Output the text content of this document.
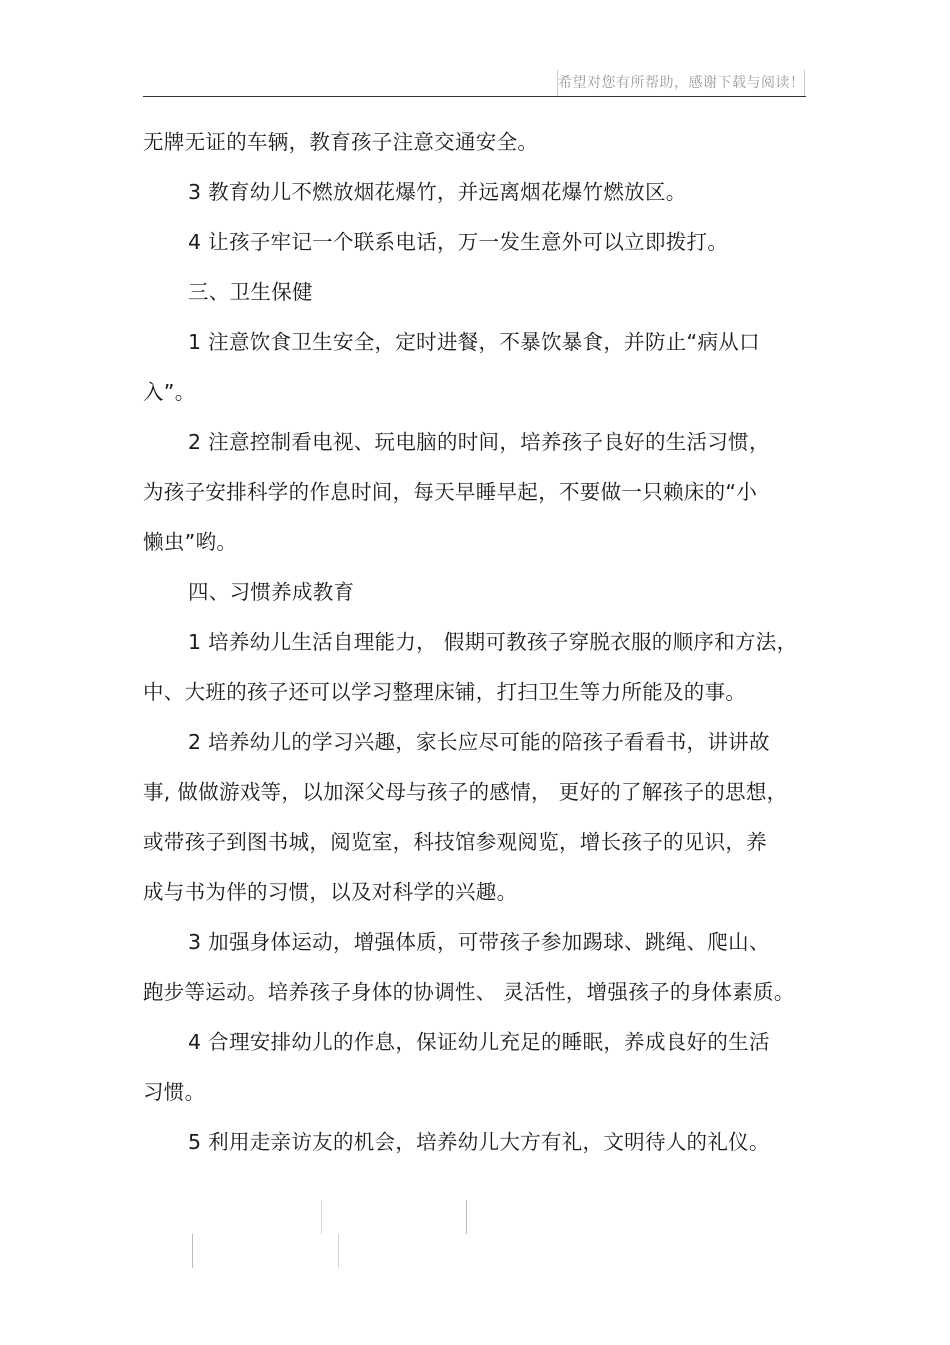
希望对您有所帮助，感谢下载与阅读！
无牌无证的车辆，教育孩子注意交通安全。
3 教育幼儿不燃放烟花爆竹，并远离烟花爆竹燃放区。
4 让孩子牢记一个联系电话，万一发生意外可以立即拨打。
三、卫生保健
1 注意饮食卫生安全，定时进餐，不暴饮暴食，并防止“病从口
入”。
2 注意控制看电视、玩电脑的时间，培养孩子良好的生活习惯，
为孩子安排科学的作息时间，每天早睡早起，不要做一只赖床的“小
懒虫”哟。
四、习惯养成教育
1 培养幼儿生活自理能力， 假期可教孩子穿脱衣服的顺序和方法，
中、大班的孩子还可以学习整理床铺，打扫卫生等力所能及的事。
2 培养幼儿的学习兴趣，家长应尽可能的陪孩子看看书，讲讲故
事, 做做游戏等，以加深父母与孩子的感情， 更好的了解孩子的思想，
或带孩子到图书城，阅览室，科技馆参观阅览，增长孩子的见识，养
成与书为伴的习惯，以及对科学的兴趣。
3 加强身体运动，增强体质，可带孩子参加踢球、跳绳、爬山、
跑步等运动。培养孩子身体的协调性、 灵活性，增强孩子的身体素质。
4 合理安排幼儿的作息，保证幼儿充足的睡眠，养成良好的生活
习惯。
5 利用走亲访友的机会，培养幼儿大方有礼，文明待人的礼仪。
